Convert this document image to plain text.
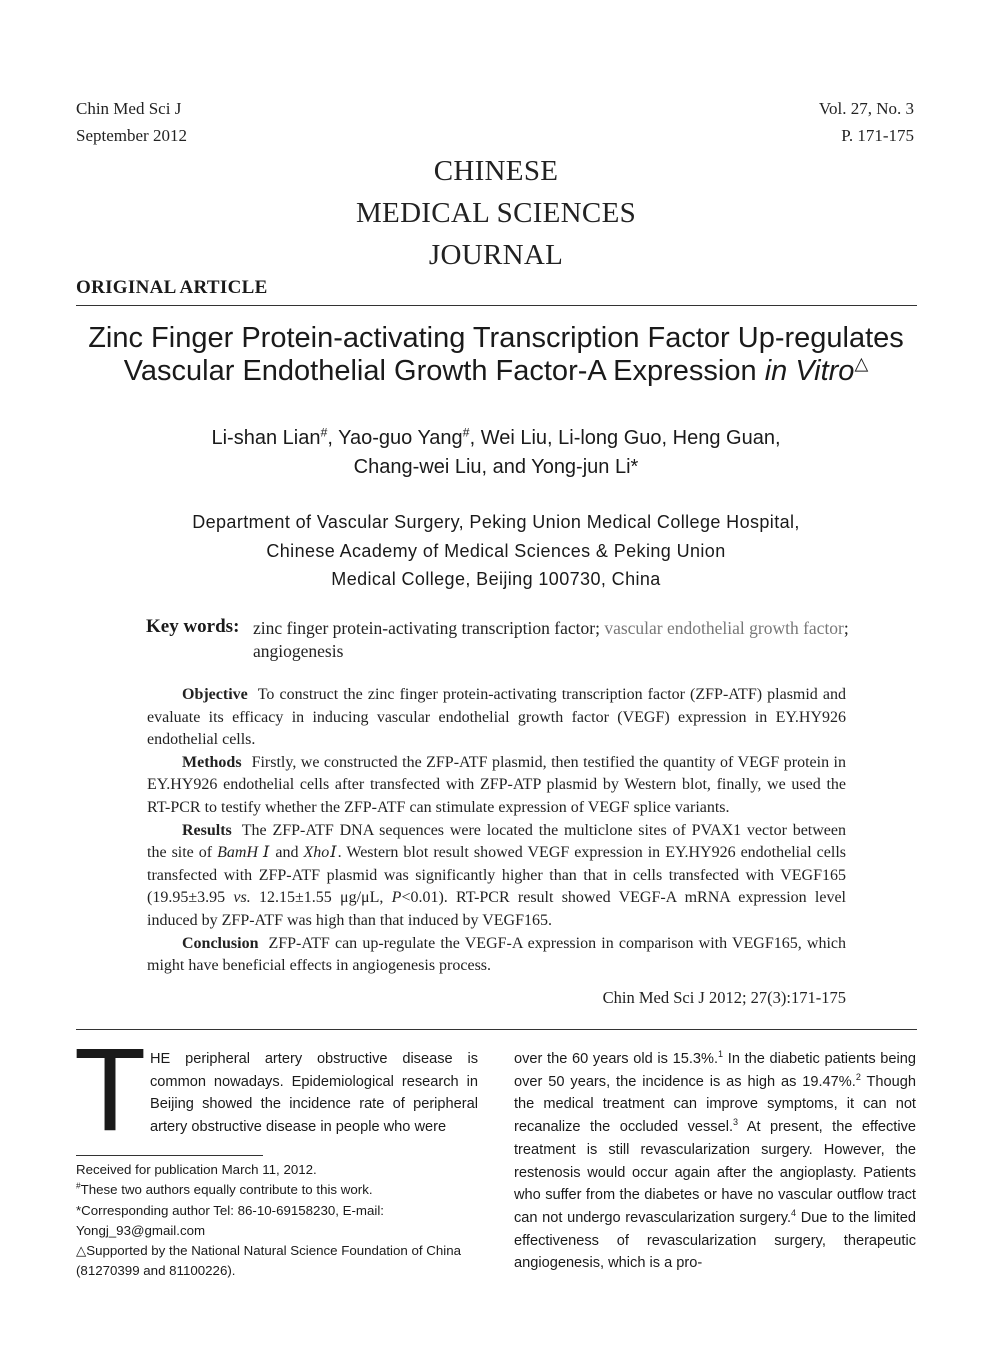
Chin Med Sci J
September 2012
Vol. 27, No. 3
P. 171-175
CHINESE
MEDICAL SCIENCES
JOURNAL
ORIGINAL ARTICLE
Zinc Finger Protein-activating Transcription Factor Up-regulates
Vascular Endothelial Growth Factor-A Expression in Vitro△
Li-shan Lian#, Yao-guo Yang#, Wei Liu, Li-long Guo, Heng Guan,
Chang-wei Liu, and Yong-jun Li*
Department of Vascular Surgery, Peking Union Medical College Hospital,
Chinese Academy of Medical Sciences & Peking Union
Medical College, Beijing 100730, China
Key words: zinc finger protein-activating transcription factor; vascular endothelial growth factor; angiogenesis

Objective To construct the zinc finger protein-activating transcription factor (ZFP-ATF) plasmid and evaluate its efficacy in inducing vascular endothelial growth factor (VEGF) expression in EY.HY926 endothelial cells.

Methods Firstly, we constructed the ZFP-ATF plasmid, then testified the quantity of VEGF protein in EY.HY926 endothelial cells after transfected with ZFP-ATP plasmid by Western blot, finally, we used the RT-PCR to testify whether the ZFP-ATF can stimulate expression of VEGF splice variants.

Results The ZFP-ATF DNA sequences were located the multiclone sites of PVAX1 vector between the site of BamH Ⅰ and XhoⅠ. Western blot result showed VEGF expression in EY.HY926 endothelial cells transfected with ZFP-ATF plasmid was significantly higher than that in cells transfected with VEGF165 (19.95±3.95 vs. 12.15±1.55 μg/μL, P<0.01). RT-PCR result showed VEGF-A mRNA expression level induced by ZFP-ATF was high than that induced by VEGF165.

Conclusion ZFP-ATF can up-regulate the VEGF-A expression in comparison with VEGF165, which might have beneficial effects in angiogenesis process.

Chin Med Sci J 2012; 27(3):171-175
T HE peripheral artery obstructive disease is common nowadays. Epidemiological research in Beijing showed the incidence rate of peripheral artery obstructive disease in people who were
Received for publication March 11, 2012.
#These two authors equally contribute to this work.
*Corresponding author Tel: 86-10-69158230, E-mail: Yongj_93@gmail.com
△Supported by the National Natural Science Foundation of China (81270399 and 81100226).
over the 60 years old is 15.3%.$^1$ In the diabetic patients being over 50 years, the incidence is as high as 19.47%.$^2$ Though the medical treatment can improve symptoms, it can not recanalize the occluded vessel.$^3$ At present, the effective treatment is still revascularization surgery. However, the restenosis would occur again after the angioplasty. Patients who suffer from the diabetes or have no vascular outflow tract can not undergo revascularization surgery.$^4$ Due to the limited effectiveness of revascularization surgery, therapeutic angiogenesis, which is a pro-
